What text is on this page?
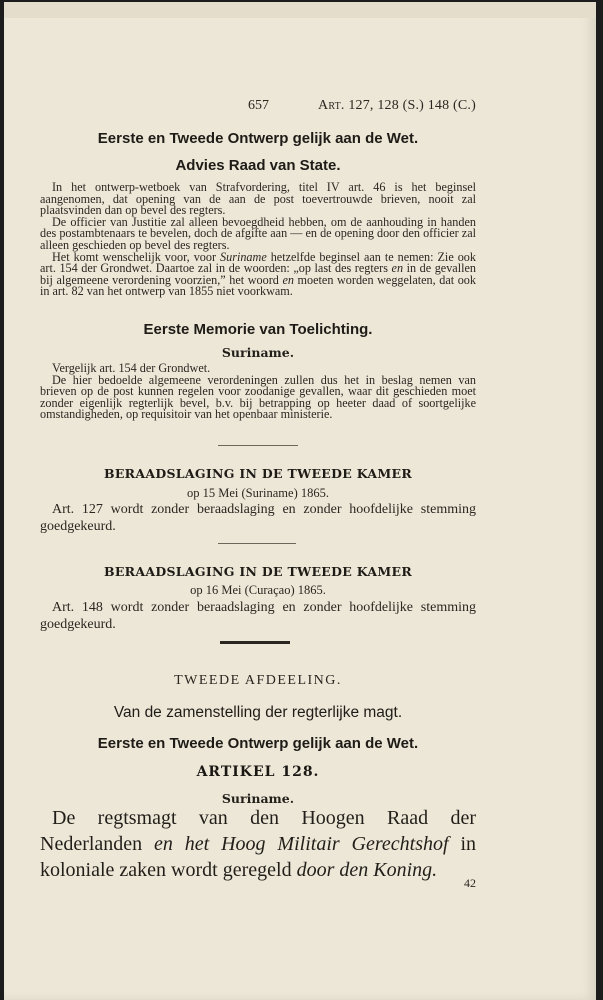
657	Art. 127, 128 (S.) 148 (C.)
Eerste en Tweede Ontwerp gelijk aan de Wet.
Advies Raad van State.

In het ontwerp-wetboek van Strafvordering, titel IV art. 46 is het beginsel aangenomen, dat opening van de aan de post toevertrouwde brieven, nooit zal plaatsvinden dan op bevel des regters.

De officier van Justitie zal alleen bevoegdheid hebben, om de aanhouding in handen des postambtenaars te bevelen, doch de afgifte aan — en de opening door den officier zal alleen geschieden op bevel des regters.

Het komt wenschelijk voor, voor Suriname hetzelfde beginsel aan te nemen: Zie ook art. 154 der Grondwet. Daartoe zal in de woorden: „op last des regters en in de gevallen bij algemeene verordening voorzien,” het woord en moeten worden weggelaten, dat ook in art. 82 van het ontwerp van 1855 niet voorkwam.

Eerste Memorie van Toelichting.
Suriname.

Vergelijk art. 154 der Grondwet.

De hier bedoelde algemeene verordeningen zullen dus het in beslag nemen van brieven op de post kunnen regelen voor zoodanige gevallen, waar dit geschieden moet zonder eigenlijk regterlijk bevel, b.v. bij betrapping op heeter daad of soortgelijke omstandigheden, op requisitoir van het openbaar ministerie.

BERAADSLAGING IN DE TWEEDE KAMER
op 15 Mei (Suriname) 1865.

Art. 127 wordt zonder beraadslaging en zonder hoofdelijke stemming goedgekeurd.

BERAADSLAGING IN DE TWEEDE KAMER
op 16 Mei (Curaçao) 1865.

Art. 148 wordt zonder beraadslaging en zonder hoofdelijke stemming goedgekeurd.

TWEEDE AFDEELING.
Van de zamenstelling der regterlijke magt.
Eerste en Tweede Ontwerp gelijk aan de Wet.
ARTIKEL 128.
Suriname.

De regtsmagt van den Hoogen Raad der Nederlanden en het Hoog Militair Gerechtshof in koloniale zaken wordt geregeld door den Koning.

42
